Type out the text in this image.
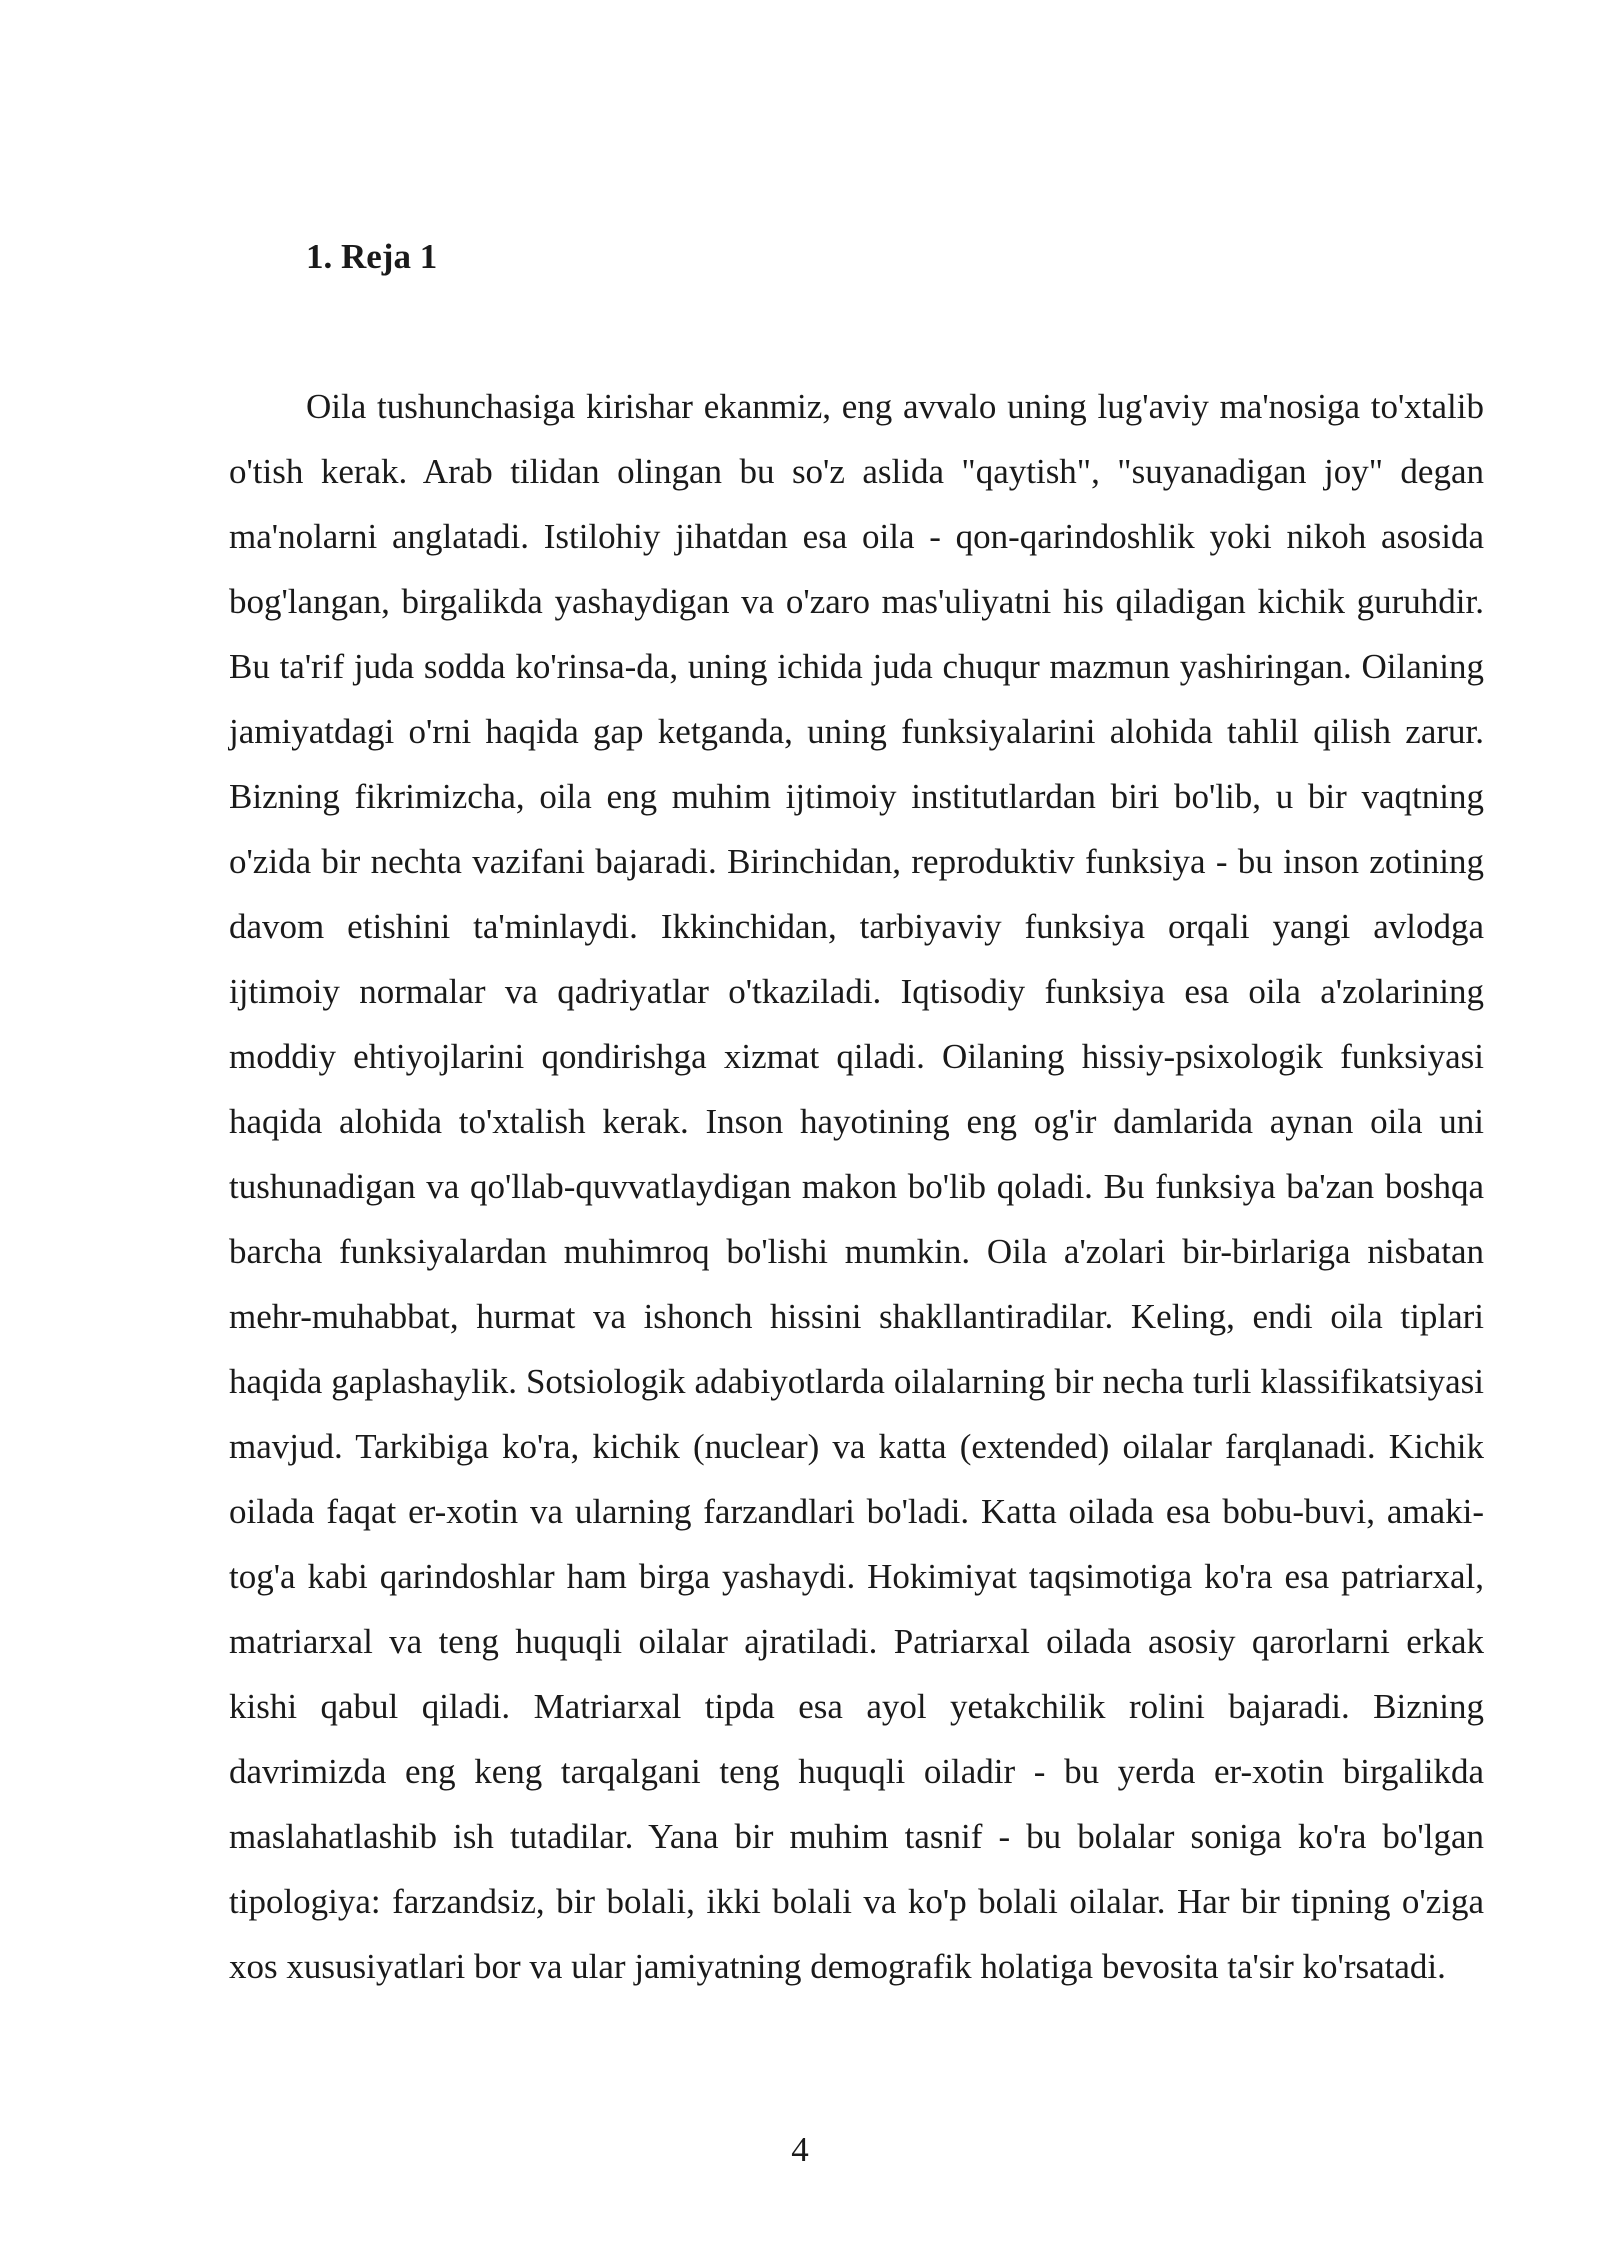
1. Reja 1

Oila tushunchasiga kirishar ekanmiz, eng avvalo uning lug'aviy ma'nosiga to'xtalib o'tish kerak. Arab tilidan olingan bu so'z aslida "qaytish", "suyanadigan joy" degan ma'nolarni anglatadi. Istilohiy jihatdan esa oila - qon-qarindoshlik yoki nikoh asosida bog'langan, birgalikda yashaydigan va o'zaro mas'uliyatni his qiladigan kichik guruhdir. Bu ta'rif juda sodda ko'rinsa-da, uning ichida juda chuqur mazmun yashiringan. Oilaning jamiyatdagi o'rni haqida gap ketganda, uning funksiyalarini alohida tahlil qilish zarur. Bizning fikrimizcha, oila eng muhim ijtimoiy institutlardan biri bo'lib, u bir vaqtning o'zida bir nechta vazifani bajaradi. Birinchidan, reproduktiv funksiya - bu inson zotining davom etishini ta'minlaydi. Ikkinchidan, tarbiyaviy funksiya orqali yangi avlodga ijtimoiy normalar va qadriyatlar o'tkaziladi. Iqtisodiy funksiya esa oila a'zolarining moddiy ehtiyojlarini qondirishga xizmat qiladi. Oilaning hissiy-psixologik funksiyasi haqida alohida to'xtalish kerak. Inson hayotining eng og'ir damlarida aynan oila uni tushunadigan va qo'llab-quvvatlaydigan makon bo'lib qoladi. Bu funksiya ba'zan boshqa barcha funksiyalardan muhimroq bo'lishi mumkin. Oila a'zolari bir-birlariga nisbatan mehr-muhabbat, hurmat va ishonch hissini shakllantiradilar. Keling, endi oila tiplari haqida gaplashaylik. Sotsiologik adabiyotlarda oilalarning bir necha turli klassifikatsiyasi mavjud. Tarkibiga ko'ra, kichik (nuclear) va katta (extended) oilalar farqlanadi. Kichik oilada faqat er-xotin va ularning farzandlari bo'ladi. Katta oilada esa bobu-buvi, amaki-tog'a kabi qarindoshlar ham birga yashaydi. Hokimiyat taqsimotiga ko'ra esa patriarxal, matriarxal va teng huquqli oilalar ajratiladi. Patriarxal oilada asosiy qarorlarni erkak kishi qabul qiladi. Matriarxal tipda esa ayol yetakchilik rolini bajaradi. Bizning davrimizda eng keng tarqalgani teng huquqli oiladir - bu yerda er-xotin birgalikda maslahatlashib ish tutadilar. Yana bir muhim tasnif - bu bolalar soniga ko'ra bo'lgan tipologiya: farzandsiz, bir bolali, ikki bolali va ko'p bolali oilalar. Har bir tipning o'ziga xos xususiyatlari bor va ular jamiyatning demografik holatiga bevosita ta'sir ko'rsatadi.

4
